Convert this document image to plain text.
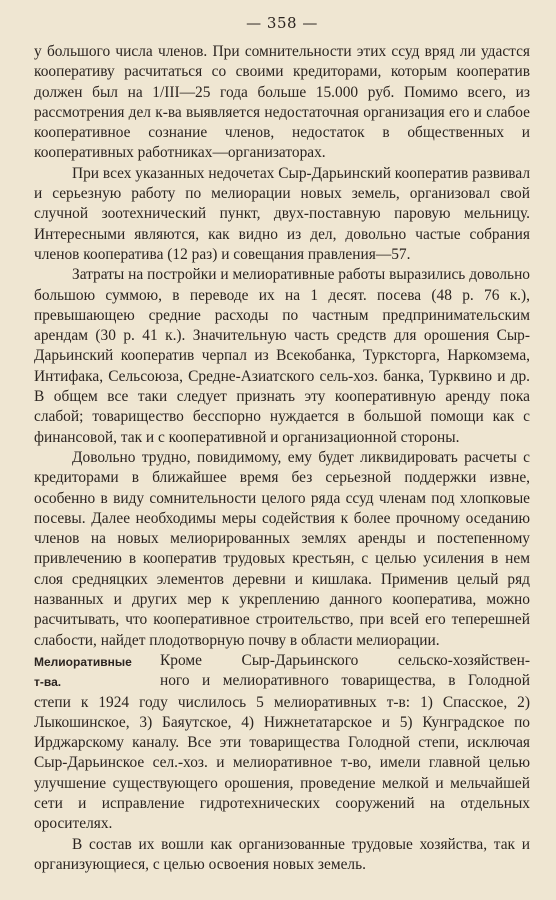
— 358 —

у большого числа членов. При сомнительности этих ссуд вряд ли удастся кооперативу расчитаться со своими кредиторами, которым кооператив должен был на 1/III—25 года больше 15.000 руб. Помимо всего, из рассмотрения дел к-ва выявляется недостаточная организация его и слабое кооперативное сознание членов, недостаток в общественных и кооперативных работниках—организаторах.

При всех указанных недочетах Сыр-Дарьинский кооператив развивал и серьезную работу по мелиорации новых земель, организовал свой случной зоотехнический пункт, двух-поставную паровую мельницу. Интересными являются, как видно из дел, довольно частые собрания членов кооператива (12 раз) и совещания правления—57.

Затраты на постройки и мелиоративные работы выразились довольно большою суммою, в переводе их на 1 десят. посева (48 р. 76 к.), превышающею средние расходы по частным предпринимательским арендам (30 р. 41 к.). Значительную часть средств для орошения Сыр-Дарьинский кооператив черпал из Всекобанка, Турксторга, Наркомзема, Интифака, Сельсоюза, Средне-Азиатского сель-хоз. банка, Турквино и др. В общем все таки следует признать эту кооперативную аренду пока слабой; товарищество бесспорно нуждается в большой помощи как с финансовой, так и с кооперативной и организационной стороны.

Довольно трудно, повидимому, ему будет ликвидировать расчеты с кредиторами в ближайшее время без серьезной поддержки извне, особенно в виду сомнительности целого ряда ссуд членам под хлопковые посевы. Далее необходимы меры содействия к более прочному оседанию членов на новых мелиорированных землях аренды и постепенному привлечению в кооператив трудовых крестьян, с целью усиления в нем слоя средняцких элементов деревни и кишлака. Применив целый ряд названных и других мер к укреплению данного кооператива, можно расчитывать, что кооперативное строительство, при всей его теперешней слабости, найдет плодотворную почву в области мелиорации.

Мелиоративные
т-ва.
Кроме Сыр-Дарьинского сельско-хозяйствен-
ного и мелиоративного товарищества, в Голодной

степи к 1924 году числилось 5 мелиоративных т-в: 1) Спасское, 2) Лыкошинское, 3) Баяутское, 4) Нижнетатарское и 5) Кунградское по Ирджарскому каналу. Все эти товарищества Голодной степи, исключая Сыр-Дарьинское сел.-хоз. и мелиоративное т-во, имели главной целью улучшение существующего орошения, проведение мелкой и мельчайшей сети и исправление гидротехнических сооружений на отдельных оросителях.

В состав их вошли как организованные трудовые хозяйства, так и организующиеся, с целью освоения новых земель.
